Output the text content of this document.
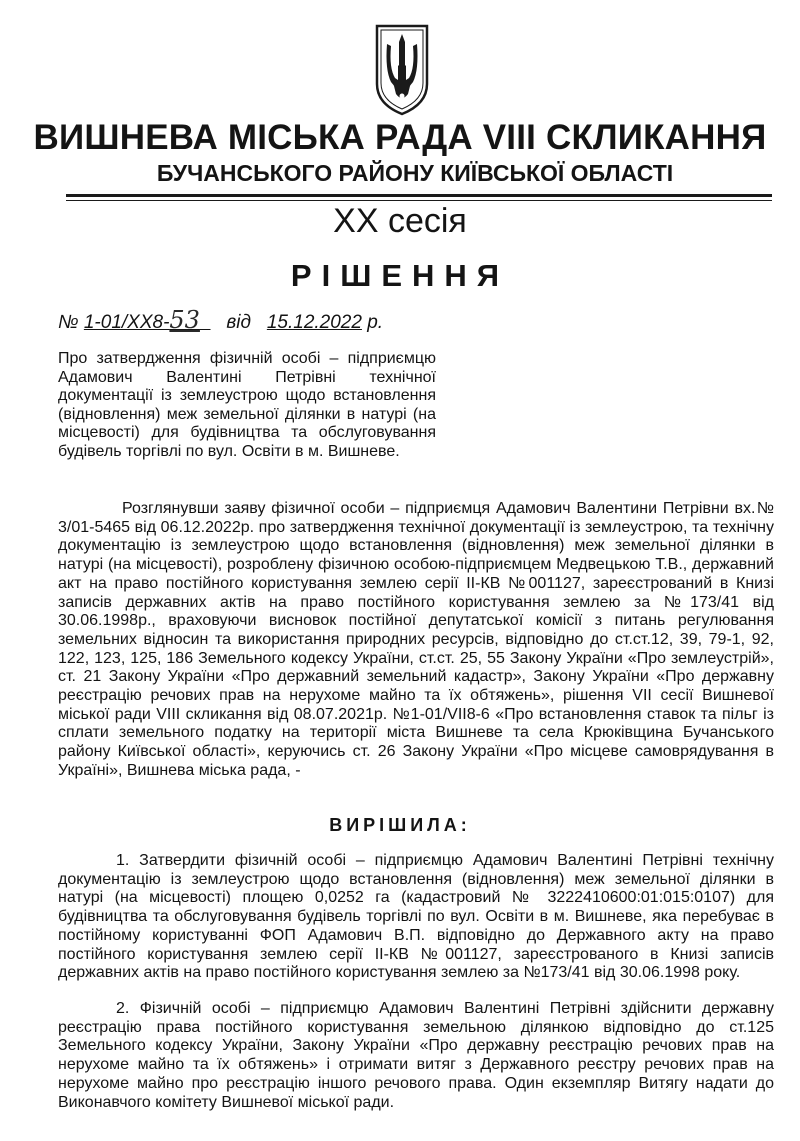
ВИШНЕВА МІСЬКА РАДА VIII СКЛИКАННЯ
БУЧАНСЬКОГО РАЙОНУ КИЇВСЬКОЇ ОБЛАСТІ
XX сесія
РІШЕННЯ
№ 1-01/XX8-53 від 15.12.2022 р.

Про затвердження фізичній особі – підприємцю Адамович Валентині Петрівні технічної документації із землеустрою щодо встановлення (відновлення) меж земельної ділянки в натурі (на місцевості) для будівництва та обслуговування будівель торгівлі по вул. Освіти в м. Вишневе.

Розглянувши заяву фізичної особи – підприємця Адамович Валентини Петрівни вх.№ 3/01-5465 від 06.12.2022р. про затвердження технічної документації із землеустрою, та технічну документацію із землеустрою щодо встановлення (відновлення) меж земельної ділянки в натурі (на місцевості), розроблену фізичною особою-підприємцем Медвецькою Т.В., державний акт на право постійного користування землею серії ІІ-КВ №001127, зареєстрований в Книзі записів державних актів на право постійного користування землею за №173/41 від 30.06.1998р., враховуючи висновок постійної депутатської комісії з питань регулювання земельних відносин та використання природних ресурсів, відповідно до ст.ст.12, 39, 79-1, 92, 122, 123, 125, 186 Земельного кодексу України, ст.ст. 25, 55 Закону України «Про землеустрій», ст. 21 Закону України «Про державний земельний кадастр», Закону України «Про державну реєстрацію речових прав на нерухоме майно та їх обтяжень», рішення VII сесії Вишневої міської ради VIII скликання від 08.07.2021р. №1-01/VII8-6 «Про встановлення ставок та пільг із сплати земельного податку на території міста Вишневе та села Крюківщина Бучанського району Київської області», керуючись ст. 26 Закону України «Про місцеве самоврядування в Україні», Вишнева міська рада, -

ВИРІШИЛА:

1. Затвердити фізичній особі – підприємцю Адамович Валентині Петрівні технічну документацію із землеустрою щодо встановлення (відновлення) меж земельної ділянки в натурі (на місцевості) площею 0,0252 га (кадастровий № 3222410600:01:015:0107) для будівництва та обслуговування будівель торгівлі по вул. Освіти в м. Вишневе, яка перебуває в постійному користуванні ФОП Адамович В.П. відповідно до Державного акту на право постійного користування землею серії ІІ-КВ №001127, зареєстрованого в Книзі записів державних актів на право постійного користування землею за №173/41 від 30.06.1998 року.

2. Фізичній особі – підприємцю Адамович Валентині Петрівні здійснити державну реєстрацію права постійного користування земельною ділянкою відповідно до ст.125 Земельного кодексу України, Закону України «Про державну реєстрацію речових прав на нерухоме майно та їх обтяжень» і отримати витяг з Державного реєстру речових прав на нерухоме майно про реєстрацію іншого речового права. Один екземпляр Витягу надати до Виконавчого комітету Вишневої міської ради.
